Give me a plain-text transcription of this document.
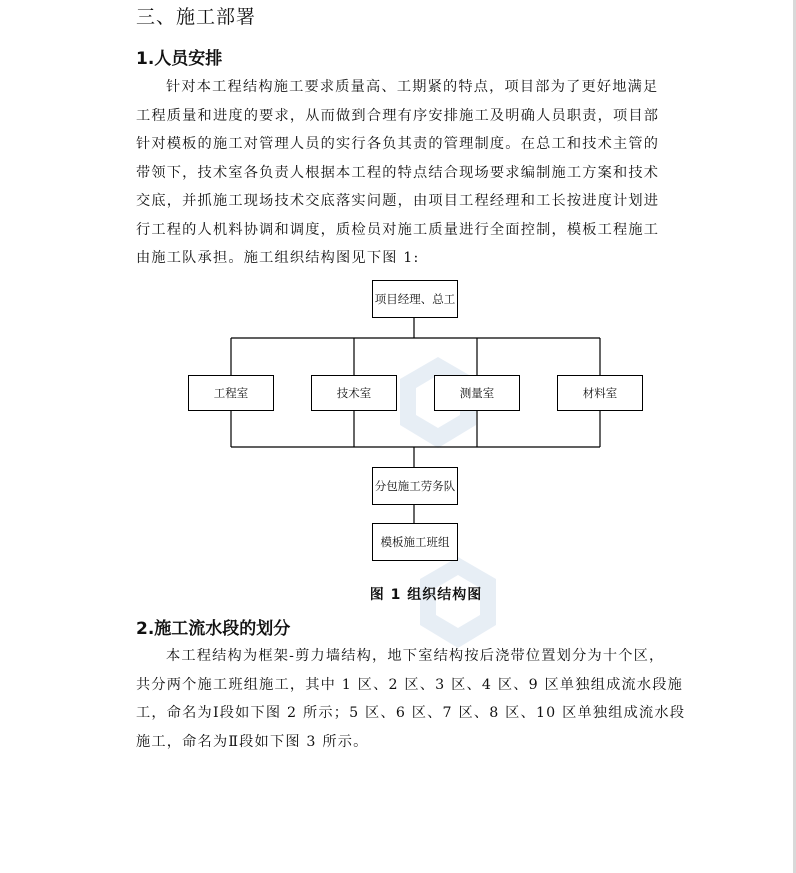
三、施工部署
1.人员安排
针对本工程结构施工要求质量高、工期紧的特点，项目部为了更好地满足
工程质量和进度的要求，从而做到合理有序安排施工及明确人员职责，项目部
针对模板的施工对管理人员的实行各负其责的管理制度。在总工和技术主管的
带领下，技术室各负责人根据本工程的特点结合现场要求编制施工方案和技术
交底，并抓施工现场技术交底落实问题，由项目工程经理和工长按进度计划进
行工程的人机料协调和调度，质检员对施工质量进行全面控制，模板工程施工
由施工队承担。施工组织结构图见下图 1:
项目经理、总工
工程室	技术室	测量室	材料室
分包施工劳务队
模板施工班组
图 1 组织结构图
2.施工流水段的划分
本工程结构为框架-剪力墙结构，地下室结构按后浇带位置划分为十个区，
共分两个施工班组施工，其中 1 区、2 区、3 区、4 区、9 区单独组成流水段施
工，命名为Ⅰ段如下图 2 所示；5 区、6 区、7 区、8 区、10 区单独组成流水段
施工，命名为Ⅱ段如下图 3 所示。
